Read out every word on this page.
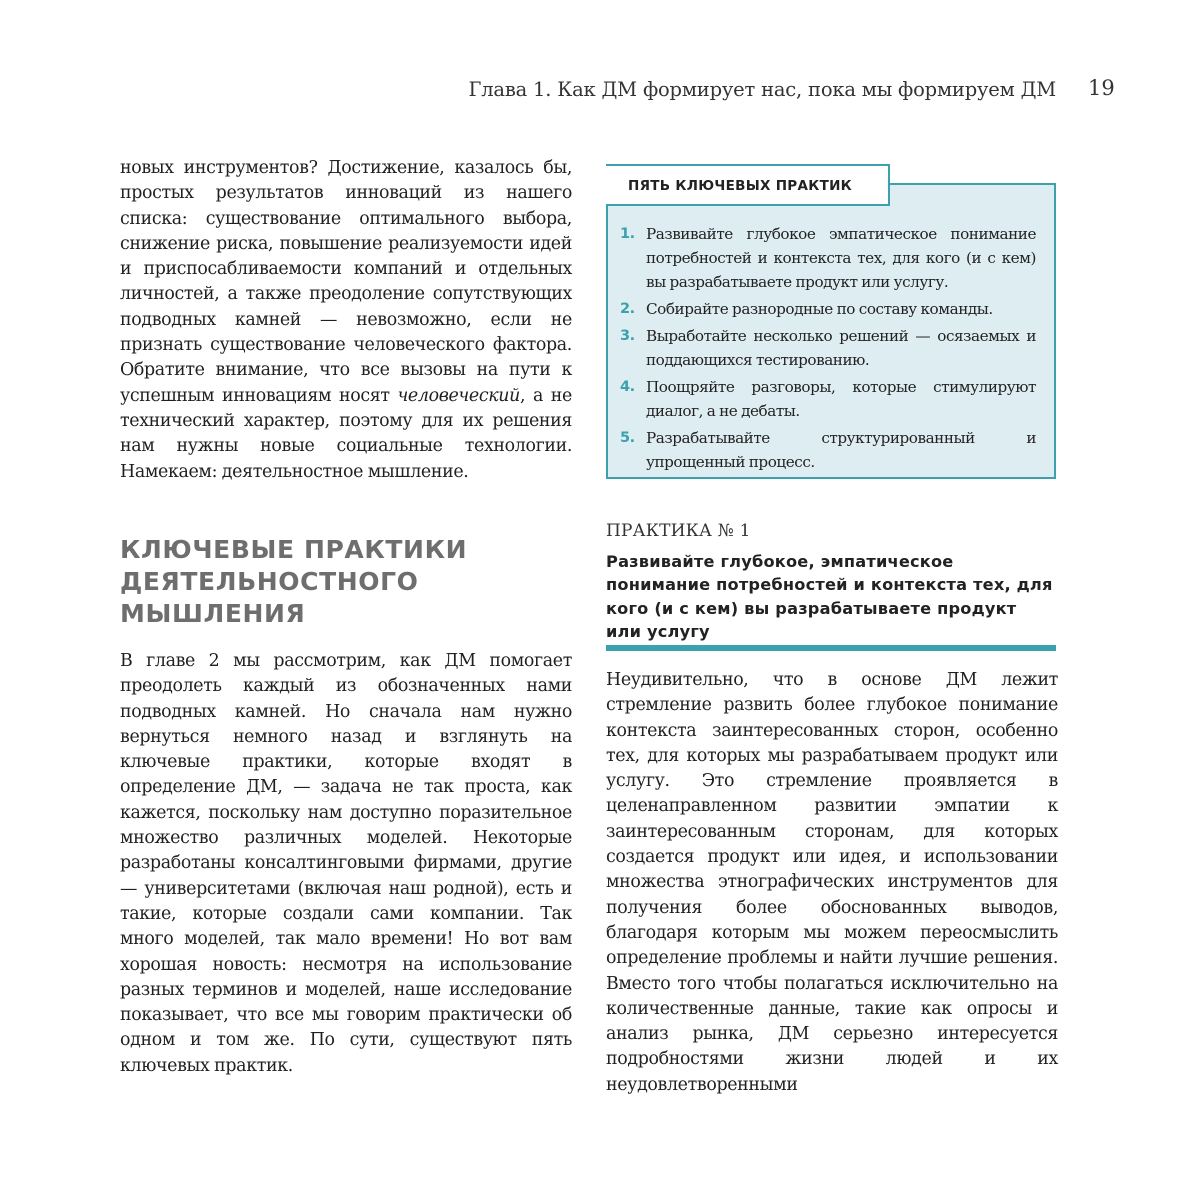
Глава 1. Как ДМ формирует нас, пока мы формируем ДМ 19

новых инструментов? Достижение, казалось бы, простых результатов инноваций из нашего списка: существование оптимального выбора, снижение риска, повышение реализуемости идей и приспосабливаемости компаний и отдельных личностей, а также преодоление сопутствующих подводных камней — невозможно, если не признать существование человеческого фактора. Обратите внимание, что все вызовы на пути к успешным инновациям носят человеческий, а не технический характер, поэтому для их решения нам нужны новые социальные технологии. Намекаем: деятельностное мышление.

КЛЮЧЕВЫЕ ПРАКТИКИ ДЕЯТЕЛЬНОСТНОГО МЫШЛЕНИЯ

В главе 2 мы рассмотрим, как ДМ помогает преодолеть каждый из обозначенных нами подводных камней. Но сначала нам нужно вернуться немного назад и взглянуть на ключевые практики, которые входят в определение ДМ, — задача не так проста, как кажется, поскольку нам доступно поразительное множество различных моделей. Некоторые разработаны консалтинговыми фирмами, другие — университетами (включая наш родной), есть и такие, которые создали сами компании. Так много моделей, так мало времени! Но вот вам хорошая новость: несмотря на использование разных терминов и моделей, наше исследование показывает, что все мы говорим практически об одном и том же. По сути, существуют пять ключевых практик.

ПЯТЬ КЛЮЧЕВЫХ ПРАКТИК
1. Развивайте глубокое эмпатическое понимание потребностей и контекста тех, для кого (и с кем) вы разрабатываете продукт или услугу.
2. Собирайте разнородные по составу команды.
3. Выработайте несколько решений — осязаемых и поддающихся тестированию.
4. Поощряйте разговоры, которые стимулируют диалог, а не дебаты.
5. Разрабатывайте структурированный и упрощенный процесс.
ПРАКТИКА № 1
Развивайте глубокое, эмпатическое понимание потребностей и контекста тех, для кого (и с кем) вы разрабатываете продукт или услугу

Неудивительно, что в основе ДМ лежит стремление развить более глубокое понимание контекста заинтересованных сторон, особенно тех, для которых мы разрабатываем продукт или услугу. Это стремление проявляется в целенаправленном развитии эмпатии к заинтересованным сторонам, для которых создается продукт или идея, и использовании множества этнографических инструментов для получения более обоснованных выводов, благодаря которым мы можем переосмыслить определение проблемы и найти лучшие решения. Вместо того чтобы полагаться исключительно на количественные данные, такие как опросы и анализ рынка, ДМ серьезно интересуется подробностями жизни людей и их неудовлетворенными
